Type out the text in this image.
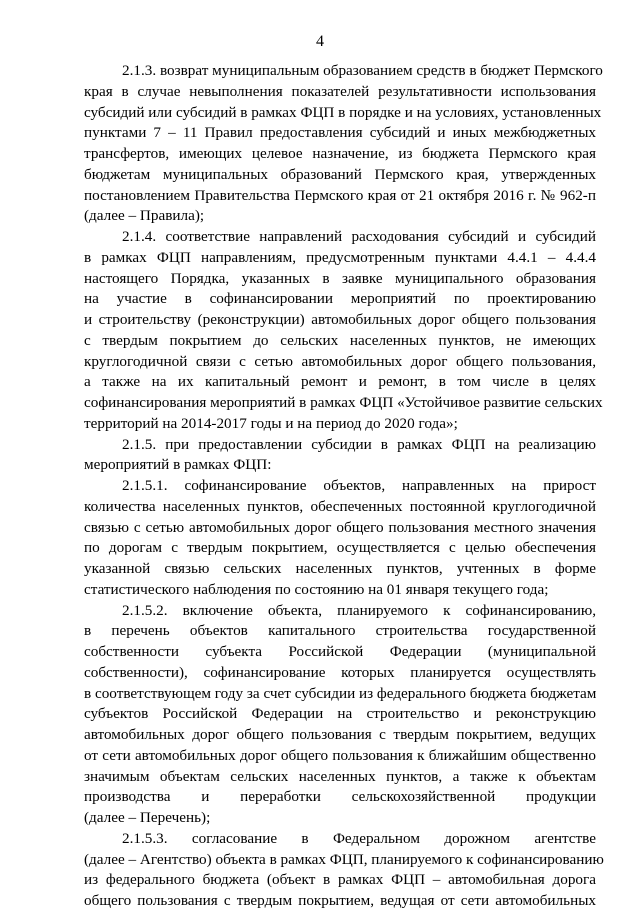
4

2.1.3. возврат муниципальным образованием средств в бюджет Пермского
края в случае невыполнения показателей результативности использования
субсидий или субсидий в рамках ФЦП в порядке и на условиях, установленных
пунктами 7 – 11 Правил предоставления субсидий и иных межбюджетных
трансфертов, имеющих целевое назначение, из бюджета Пермского края
бюджетам муниципальных образований Пермского края, утвержденных
постановлением Правительства Пермского края от 21 октября 2016 г. № 962-п
(далее – Правила);

2.1.4. соответствие направлений расходования субсидий и субсидий
в рамках ФЦП направлениям, предусмотренным пунктами 4.4.1 – 4.4.4
настоящего Порядка, указанных в заявке муниципального образования
на участие в софинансировании мероприятий по проектированию
и строительству (реконструкции) автомобильных дорог общего пользования
с твердым покрытием до сельских населенных пунктов, не имеющих
круглогодичной связи с сетью автомобильных дорог общего пользования,
а также на их капитальный ремонт и ремонт, в том числе в целях
софинансирования мероприятий в рамках ФЦП «Устойчивое развитие сельских
территорий на 2014-2017 годы и на период до 2020 года»;

2.1.5. при предоставлении субсидии в рамках ФЦП на реализацию
мероприятий в рамках ФЦП:

2.1.5.1. софинансирование объектов, направленных на прирост
количества населенных пунктов, обеспеченных постоянной круглогодичной
связью с сетью автомобильных дорог общего пользования местного значения
по дорогам с твердым покрытием, осуществляется с целью обеспечения
указанной связью сельских населенных пунктов, учтенных в форме
статистического наблюдения по состоянию на 01 января текущего года;

2.1.5.2. включение объекта, планируемого к софинансированию,
в перечень объектов капитального строительства государственной
собственности субъекта Российской Федерации (муниципальной
собственности), софинансирование которых планируется осуществлять
в соответствующем году за счет субсидии из федерального бюджета бюджетам
субъектов Российской Федерации на строительство и реконструкцию
автомобильных дорог общего пользования с твердым покрытием, ведущих
от сети автомобильных дорог общего пользования к ближайшим общественно
значимым объектам сельских населенных пунктов, а также к объектам
производства и переработки сельскохозяйственной продукции
(далее – Перечень);

2.1.5.3. согласование в Федеральном дорожном агентстве
(далее – Агентство) объекта в рамках ФЦП, планируемого к софинансированию
из федерального бюджета (объект в рамках ФЦП – автомобильная дорога
общего пользования с твердым покрытием, ведущая от сети автомобильных
